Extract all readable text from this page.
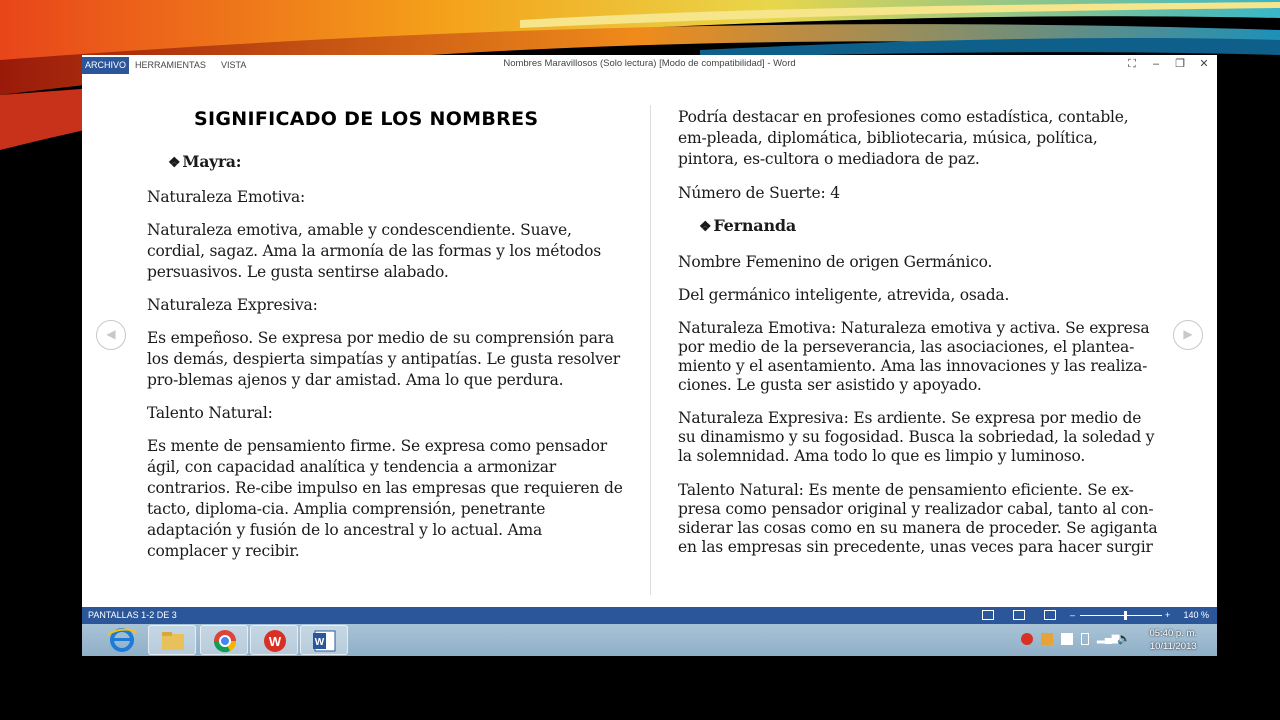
ARCHIVO HERRAMIENTAS	VISTA	Nombres Maravillosos (Solo lectura) [Modo de compatibilidad] - Word	⛶	–	❐	✕
SIGNIFICADO DE LOS NOMBRES

❖ Mayra:

Naturaleza Emotiva:

Naturaleza emotiva, amable y condescendiente. Suave, cordial, sagaz. Ama la armonía de las formas y los métodos persuasivos. Le gusta sentirse alabado.

Naturaleza Expresiva:

Es empeñoso. Se expresa por medio de su comprensión para los demás, despierta simpatías y antipatías. Le gusta resolver pro-blemas ajenos y dar amistad. Ama lo que perdura.

Talento Natural:

Es mente de pensamiento firme. Se expresa como pensador ágil, con capacidad analítica y tendencia a armonizar contrarios. Re-cibe impulso en las empresas que requieren de tacto, diploma-cia. Amplia comprensión, penetrante adaptación y fusión de lo ancestral y lo actual. Ama complacer y recibir.

Podría destacar en profesiones como estadística, contable, em-pleada, diplomática, bibliotecaria, música, política, pintora, es-cultora o mediadora de paz.

Número de Suerte: 4

❖ Fernanda

Nombre Femenino de origen Germánico.

Del germánico inteligente, atrevida, osada.

Naturaleza Emotiva: Naturaleza emotiva y activa. Se expresa por medio de la perseverancia, las asociaciones, el plantea-miento y el asentamiento. Ama las innovaciones y las realiza-ciones. Le gusta ser asistido y apoyado.

Naturaleza Expresiva: Es ardiente. Se expresa por medio de su dinamismo y su fogosidad. Busca la sobriedad, la soledad y la solemnidad. Ama todo lo que es limpio y luminoso.

Talento Natural: Es mente de pensamiento eficiente. Se ex-presa como pensador original y realizador cabal, tanto al con-siderar las cosas como en su manera de proceder. Se agiganta en las empresas sin precedente, unas veces para hacer surgir

◀	▶
PANTALLAS 1-2 DE 3	–	+ 140 %
W	W	▂▄▆
🔈 05:40 p. m.
10/11/2013
